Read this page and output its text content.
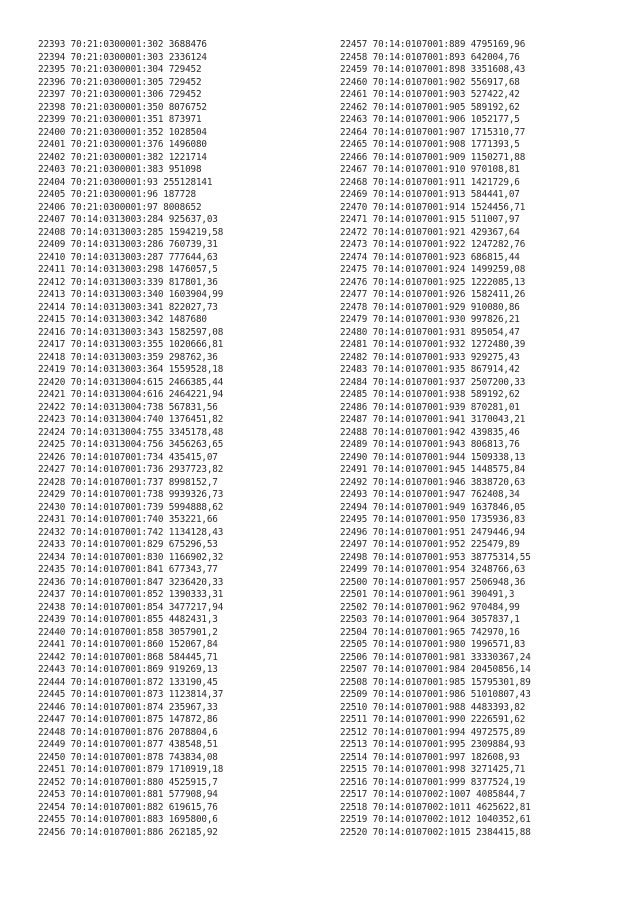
22393 70:21:0300001:302 3688476
22394 70:21:0300001:303 2336124
22395 70:21:0300001:304 729452
22396 70:21:0300001:305 729452
22397 70:21:0300001:306 729452
22398 70:21:0300001:350 8076752
22399 70:21:0300001:351 873971
22400 70:21:0300001:352 1028504
22401 70:21:0300001:376 1496080
22402 70:21:0300001:382 1221714
22403 70:21:0300001:383 951098
22404 70:21:0300001:93 255128141
22405 70:21:0300001:96 187728
22406 70:21:0300001:97 8008652
22407 70:14:0313003:284 925637,03
22408 70:14:0313003:285 1594219,58
22409 70:14:0313003:286 760739,31
22410 70:14:0313003:287 777644,63
22411 70:14:0313003:298 1476057,5
22412 70:14:0313003:339 817801,36
22413 70:14:0313003:340 1603904,99
22414 70:14:0313003:341 822027,73
22415 70:14:0313003:342 1487680
22416 70:14:0313003:343 1582597,08
22417 70:14:0313003:355 1020666,81
22418 70:14:0313003:359 298762,36
22419 70:14:0313003:364 1559528,18
22420 70:14:0313004:615 2466385,44
22421 70:14:0313004:616 2464221,94
22422 70:14:0313004:738 567831,56
22423 70:14:0313004:740 1376451,82
22424 70:14:0313004:755 3345178,48
22425 70:14:0313004:756 3456263,65
22426 70:14:0107001:734 435415,07
22427 70:14:0107001:736 2937723,82
22428 70:14:0107001:737 8998152,7
22429 70:14:0107001:738 9939326,73
22430 70:14:0107001:739 5994888,62
22431 70:14:0107001:740 353221,66
22432 70:14:0107001:742 1134128,43
22433 70:14:0107001:829 675296,53
22434 70:14:0107001:830 1166902,32
22435 70:14:0107001:841 677343,77
22436 70:14:0107001:847 3236420,33
22437 70:14:0107001:852 1390333,31
22438 70:14:0107001:854 3477217,94
22439 70:14:0107001:855 4482431,3
22440 70:14:0107001:858 3057901,2
22441 70:14:0107001:860 152067,84
22442 70:14:0107001:868 584445,71
22443 70:14:0107001:869 919269,13
22444 70:14:0107001:872 133190,45
22445 70:14:0107001:873 1123814,37
22446 70:14:0107001:874 235967,33
22447 70:14:0107001:875 147872,86
22448 70:14:0107001:876 2078804,6
22449 70:14:0107001:877 438548,51
22450 70:14:0107001:878 743834,08
22451 70:14:0107001:879 1710919,18
22452 70:14:0107001:880 4525915,7
22453 70:14:0107001:881 577908,94
22454 70:14:0107001:882 619615,76
22455 70:14:0107001:883 1695800,6
22456 70:14:0107001:886 262185,92
22457 70:14:0107001:889 4795169,96
22458 70:14:0107001:893 642004,76
22459 70:14:0107001:898 3351608,43
22460 70:14:0107001:902 556917,68
22461 70:14:0107001:903 527422,42
22462 70:14:0107001:905 589192,62
22463 70:14:0107001:906 1052177,5
22464 70:14:0107001:907 1715310,77
22465 70:14:0107001:908 1771393,5
22466 70:14:0107001:909 1150271,88
22467 70:14:0107001:910 970108,81
22468 70:14:0107001:911 1421729,6
22469 70:14:0107001:913 584441,07
22470 70:14:0107001:914 1524456,71
22471 70:14:0107001:915 511007,97
22472 70:14:0107001:921 429367,64
22473 70:14:0107001:922 1247282,76
22474 70:14:0107001:923 686815,44
22475 70:14:0107001:924 1499259,08
22476 70:14:0107001:925 1222085,13
22477 70:14:0107001:926 1582411,26
22478 70:14:0107001:929 910080,86
22479 70:14:0107001:930 997826,21
22480 70:14:0107001:931 895054,47
22481 70:14:0107001:932 1272480,39
22482 70:14:0107001:933 929275,43
22483 70:14:0107001:935 867914,42
22484 70:14:0107001:937 2507200,33
22485 70:14:0107001:938 589192,62
22486 70:14:0107001:939 870281,01
22487 70:14:0107001:941 3170043,21
22488 70:14:0107001:942 439835,46
22489 70:14:0107001:943 806813,76
22490 70:14:0107001:944 1509338,13
22491 70:14:0107001:945 1448575,84
22492 70:14:0107001:946 3838720,63
22493 70:14:0107001:947 762408,34
22494 70:14:0107001:949 1637846,05
22495 70:14:0107001:950 1735936,83
22496 70:14:0107001:951 2479446,94
22497 70:14:0107001:952 225479,89
22498 70:14:0107001:953 38775314,55
22499 70:14:0107001:954 3248766,63
22500 70:14:0107001:957 2506948,36
22501 70:14:0107001:961 390491,3
22502 70:14:0107001:962 970484,99
22503 70:14:0107001:964 3057837,1
22504 70:14:0107001:965 742970,16
22505 70:14:0107001:980 1996571,83
22506 70:14:0107001:981 33330367,24
22507 70:14:0107001:984 20450856,14
22508 70:14:0107001:985 15795301,89
22509 70:14:0107001:986 51010807,43
22510 70:14:0107001:988 4483393,82
22511 70:14:0107001:990 2226591,62
22512 70:14:0107001:994 4972575,89
22513 70:14:0107001:995 2309884,93
22514 70:14:0107001:997 182608,93
22515 70:14:0107001:998 3271425,71
22516 70:14:0107001:999 8377524,19
22517 70:14:0107002:1007 4085844,7
22518 70:14:0107002:1011 4625622,81
22519 70:14:0107002:1012 1040352,61
22520 70:14:0107002:1015 2384415,88
